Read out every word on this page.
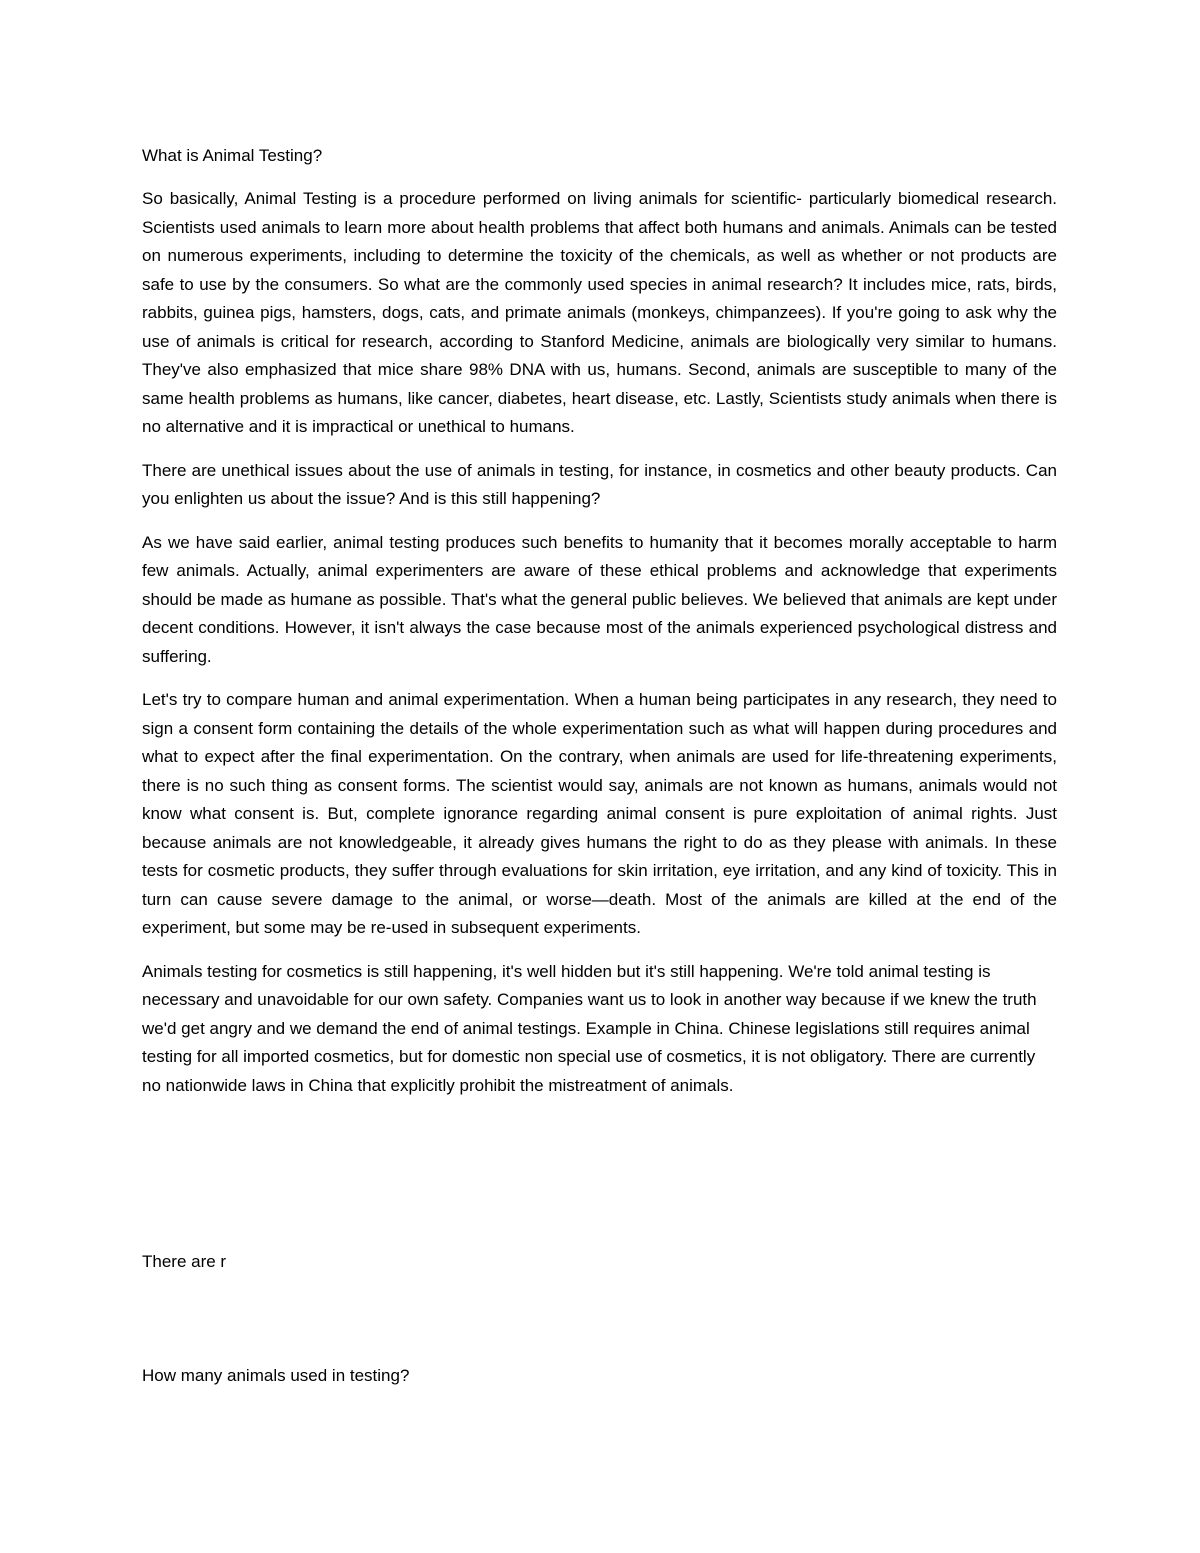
What is Animal Testing?

So basically, Animal Testing is a procedure performed on living animals for scientific- particularly biomedical research. Scientists used animals to learn more about health problems that affect both humans and animals. Animals can be tested on numerous experiments, including to determine the toxicity of the chemicals, as well as whether or not products are safe to use by the consumers. So what are the commonly used species in animal research? It includes mice, rats, birds, rabbits, guinea pigs, hamsters, dogs, cats, and primate animals (monkeys, chimpanzees). If you're going to ask why the use of animals is critical for research, according to Stanford Medicine, animals are biologically very similar to humans. They've also emphasized that mice share 98% DNA with us, humans. Second, animals are susceptible to many of the same health problems as humans, like cancer, diabetes, heart disease, etc. Lastly, Scientists study animals when there is no alternative and it is impractical or unethical to humans.

There are unethical issues about the use of animals in testing, for instance, in cosmetics and other beauty products. Can you enlighten us about the issue? And is this still happening?

As we have said earlier, animal testing produces such benefits to humanity that it becomes morally acceptable to harm few animals. Actually, animal experimenters are aware of these ethical problems and acknowledge that experiments should be made as humane as possible. That's what the general public believes. We believed that animals are kept under decent conditions. However, it isn't always the case because most of the animals experienced psychological distress and suffering.

Let's try to compare human and animal experimentation. When a human being participates in any research, they need to sign a consent form containing the details of the whole experimentation such as what will happen during procedures and what to expect after the final experimentation. On the contrary, when animals are used for life-threatening experiments, there is no such thing as consent forms. The scientist would say, animals are not known as humans, animals would not know what consent is. But, complete ignorance regarding animal consent is pure exploitation of animal rights. Just because animals are not knowledgeable, it already gives humans the right to do as they please with animals. In these tests for cosmetic products, they suffer through evaluations for skin irritation, eye irritation, and any kind of toxicity. This in turn can cause severe damage to the animal, or worse—death. Most of the animals are killed at the end of the experiment, but some may be re-used in subsequent experiments.

Animals testing for cosmetics is still happening, it's well hidden but it's still happening. We're told animal testing is necessary and unavoidable for our own safety. Companies want us to look in another way because if we knew the truth we'd get angry and we demand the end of animal testings. Example in China. Chinese legislations still requires animal testing for all imported cosmetics, but for domestic non special use of cosmetics, it is not obligatory. There are currently no nationwide laws in China that explicitly prohibit the mistreatment of animals.

There are r

How many animals used in testing?
